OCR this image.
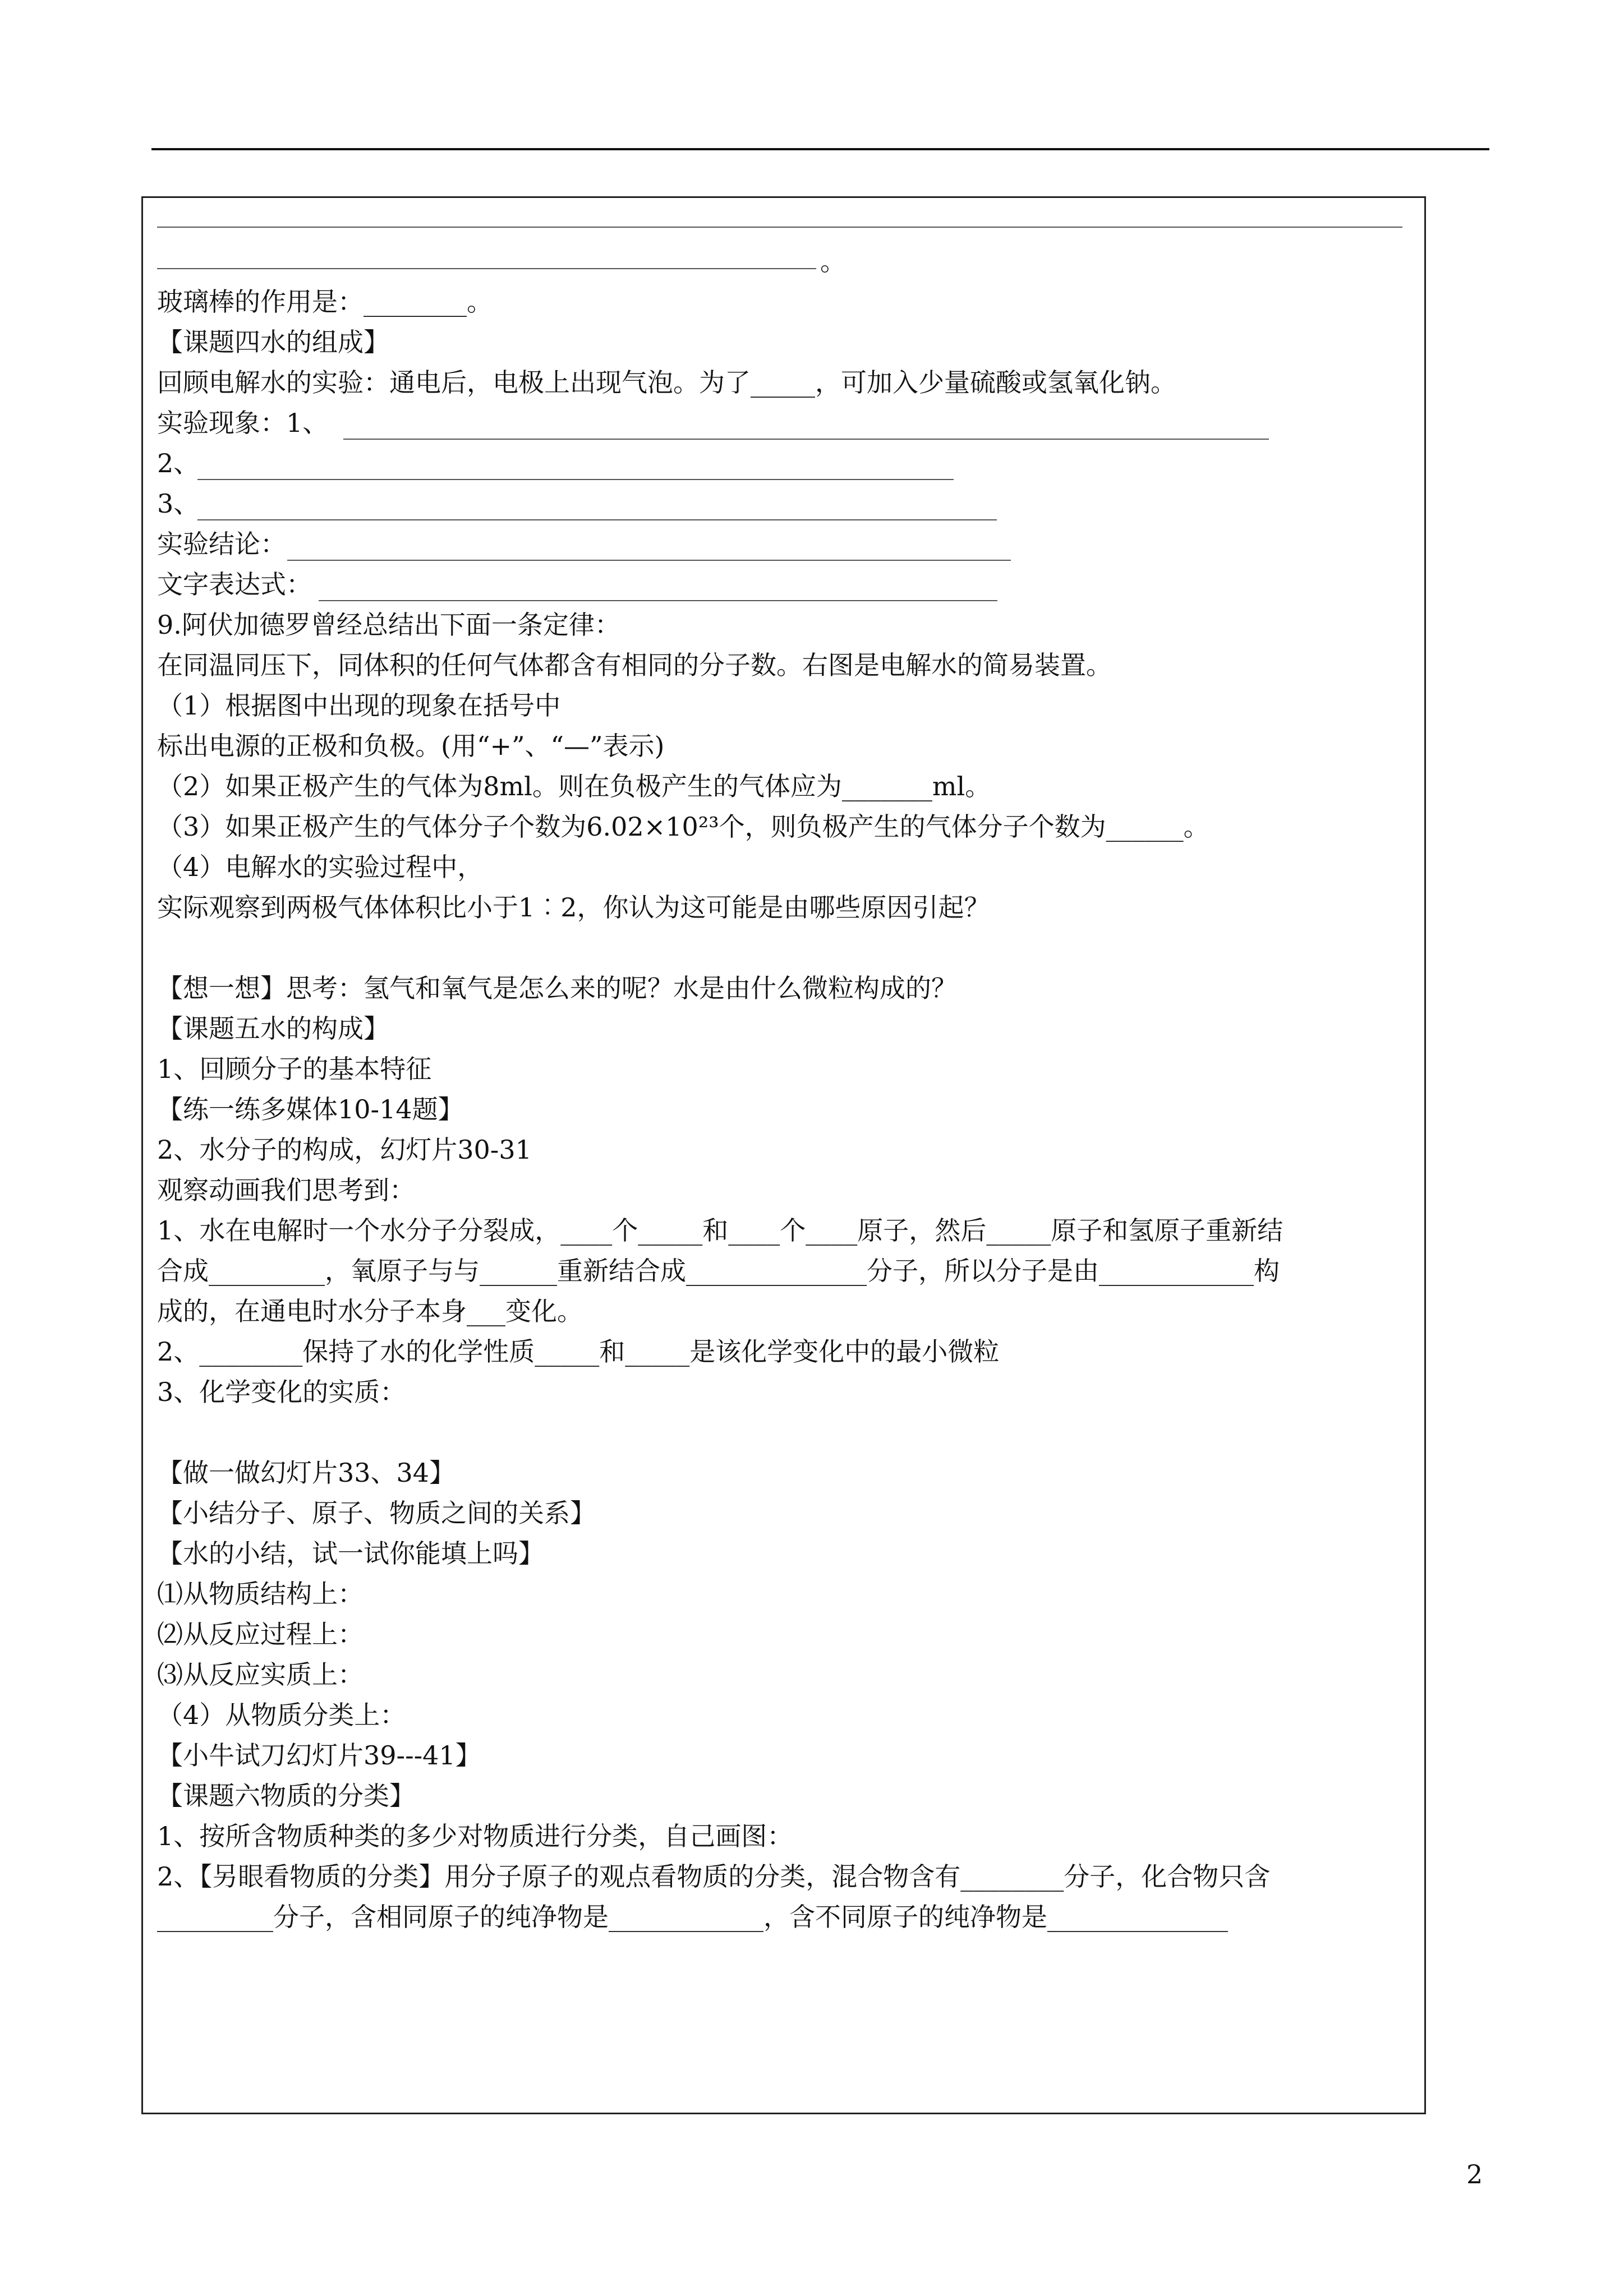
。
玻璃棒的作用是：________。
【课题四水的组成】
回顾电解水的实验：通电后，电极上出现气泡。为了_____，可加入少量硫酸或氢氧化钠。
实验现象：1、
2、
3、
实验结论：
文字表达式：
9.阿伏加德罗曾经总结出下面一条定律：
在同温同压下，同体积的任何气体都含有相同的分子数。右图是电解水的简易装置。
（1）根据图中出现的现象在括号中
标出电源的正极和负极。(用“+”、“—”表示)
（2）如果正极产生的气体为8ml。则在负极产生的气体应为_______ml。
（3）如果正极产生的气体分子个数为6.02×10²³个，则负极产生的气体分子个数为______。
（4）电解水的实验过程中，
实际观察到两极气体体积比小于1︰2，你认为这可能是由哪些原因引起？
【想一想】思考：氢气和氧气是怎么来的呢？水是由什么微粒构成的？
【课题五水的构成】
1、回顾分子的基本特征
【练一练多媒体10-14题】
2、水分子的构成，幻灯片30-31
观察动画我们思考到：
1、水在电解时一个水分子分裂成，____个_____和____个____原子，然后_____原子和氢原子重新结
合成_________，氧原子与与______重新结合成______________分子，所以分子是由____________构
成的，在通电时水分子本身___变化。
2、________保持了水的化学性质_____和_____是该化学变化中的最小微粒
3、化学变化的实质：
【做一做幻灯片33、34】
【小结分子、原子、物质之间的关系】
【水的小结，试一试你能填上吗】
⑴从物质结构上：
⑵从反应过程上：
⑶从反应实质上：
（4）从物质分类上：
【小牛试刀幻灯片39---41】
【课题六物质的分类】
1、按所含物质种类的多少对物质进行分类，自己画图：
2、【另眼看物质的分类】用分子原子的观点看物质的分类，混合物含有________分子，化合物只含
_________分子，含相同原子的纯净物是____________，含不同原子的纯净物是______________
2
